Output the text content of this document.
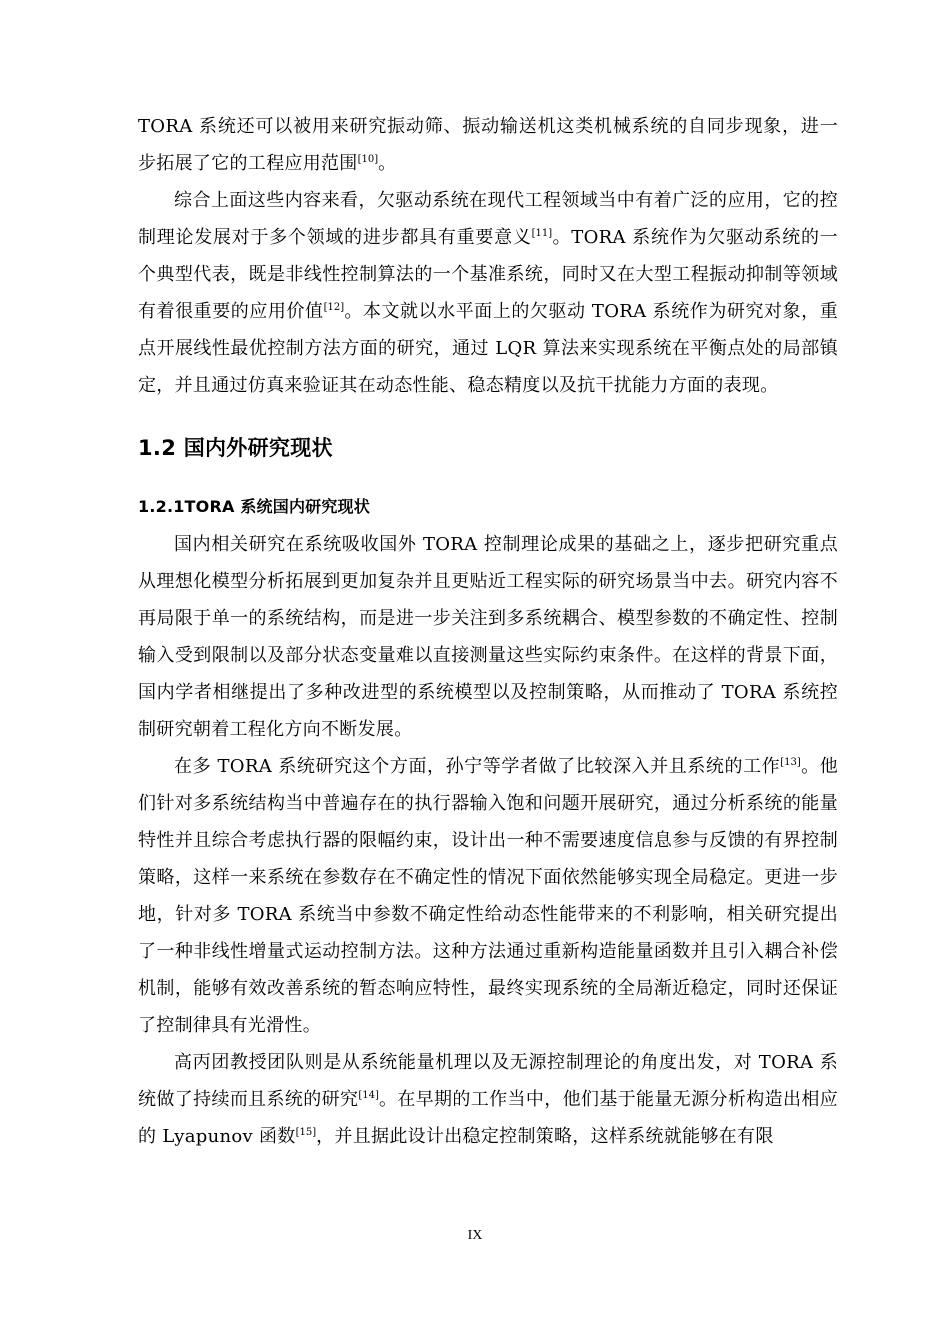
TORA 系统还可以被用来研究振动筛、振动输送机这类机械系统的自同步现象，进一步拓展了它的工程应用范围[10]。

综合上面这些内容来看，欠驱动系统在现代工程领域当中有着广泛的应用，它的控制理论发展对于多个领域的进步都具有重要意义[11]。TORA 系统作为欠驱动系统的一个典型代表，既是非线性控制算法的一个基准系统，同时又在大型工程振动抑制等领域有着很重要的应用价值[12]。本文就以水平面上的欠驱动 TORA 系统作为研究对象，重点开展线性最优控制方法方面的研究，通过 LQR 算法来实现系统在平衡点处的局部镇定，并且通过仿真来验证其在动态性能、稳态精度以及抗干扰能力方面的表现。

1.2 国内外研究现状
1.2.1TORA 系统国内研究现状

国内相关研究在系统吸收国外 TORA 控制理论成果的基础之上，逐步把研究重点从理想化模型分析拓展到更加复杂并且更贴近工程实际的研究场景当中去。研究内容不再局限于单一的系统结构，而是进一步关注到多系统耦合、模型参数的不确定性、控制输入受到限制以及部分状态变量难以直接测量这些实际约束条件。在这样的背景下面，国内学者相继提出了多种改进型的系统模型以及控制策略，从而推动了 TORA 系统控制研究朝着工程化方向不断发展。

在多 TORA 系统研究这个方面，孙宁等学者做了比较深入并且系统的工作[13]。他们针对多系统结构当中普遍存在的执行器输入饱和问题开展研究，通过分析系统的能量特性并且综合考虑执行器的限幅约束，设计出一种不需要速度信息参与反馈的有界控制策略，这样一来系统在参数存在不确定性的情况下面依然能够实现全局稳定。更进一步地，针对多 TORA 系统当中参数不确定性给动态性能带来的不利影响，相关研究提出了一种非线性增量式运动控制方法。这种方法通过重新构造能量函数并且引入耦合补偿机制，能够有效改善系统的暂态响应特性，最终实现系统的全局渐近稳定，同时还保证了控制律具有光滑性。

高丙团教授团队则是从系统能量机理以及无源控制理论的角度出发，对 TORA 系统做了持续而且系统的研究[14]。在早期的工作当中，他们基于能量无源分析构造出相应的 Lyapunov 函数[15]，并且据此设计出稳定控制策略，这样系统就能够在有限

IX
